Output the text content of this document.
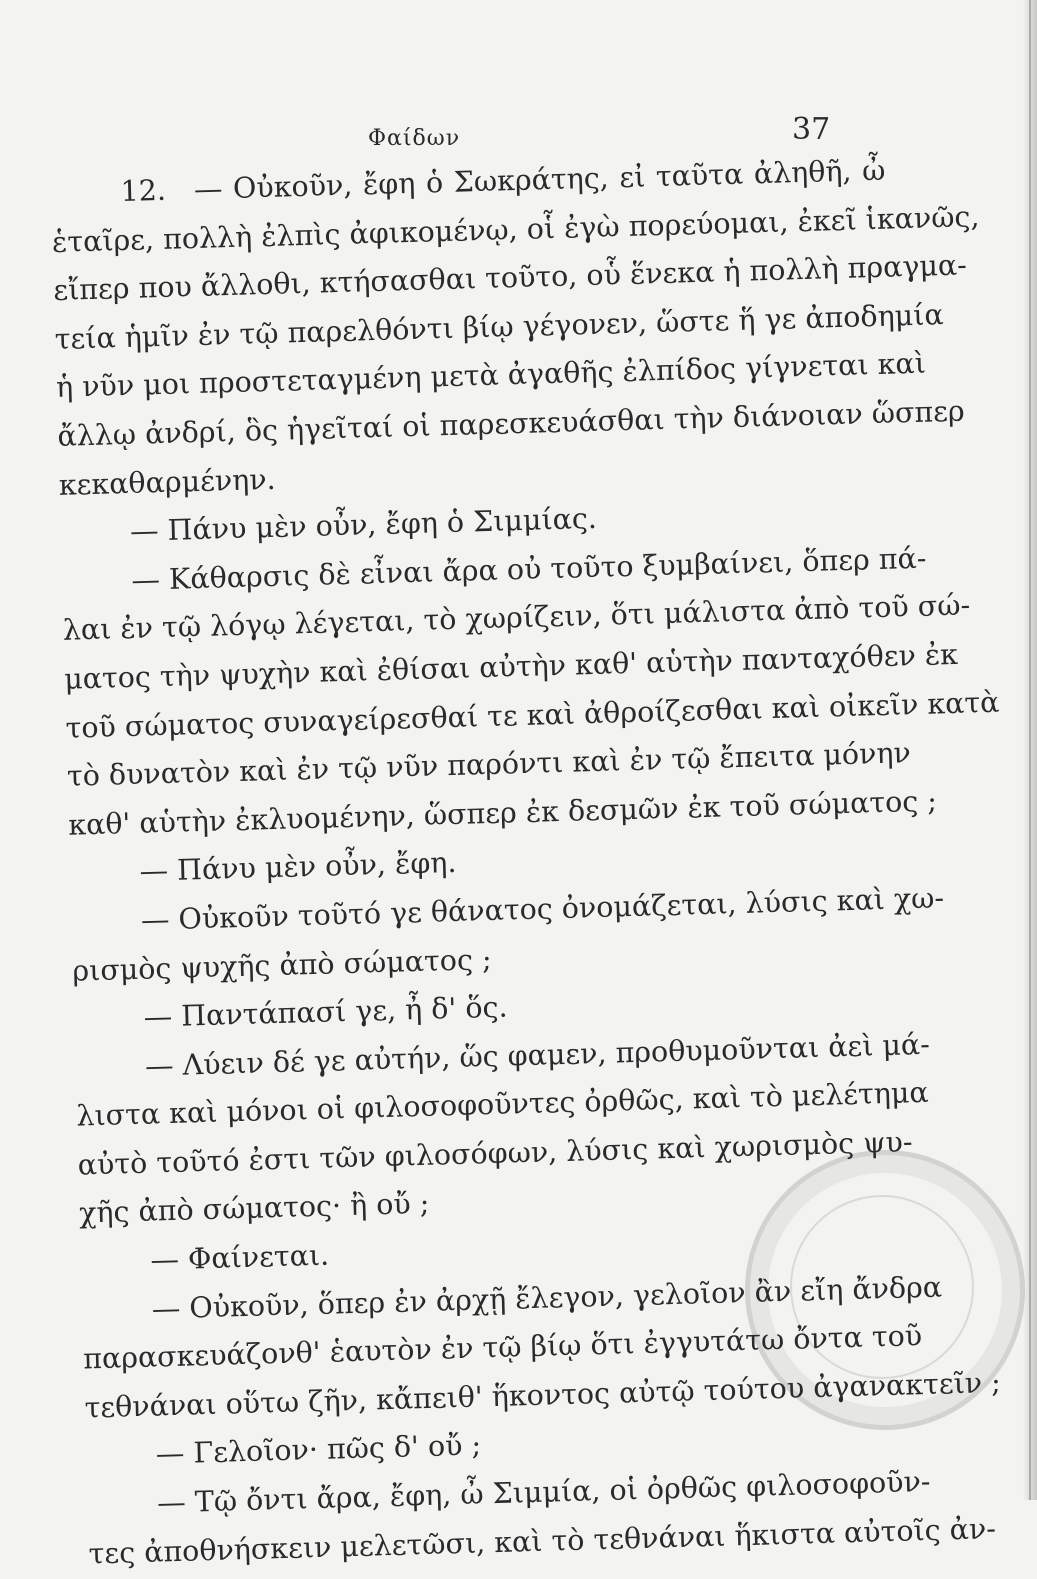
Φαίδων	37
12. — Οὐκοῦν, ἔφη ὁ Σωκράτης, εἰ ταῦτα ἀληθῆ, ὦ
ἑταῖρε, πολλὴ ἐλπὶς ἀφικομένῳ, οἷ ἐγὼ πορεύομαι, ἐκεῖ ἱκανῶς,
εἴπερ που ἄλλοθι, κτήσασθαι τοῦτο, οὗ ἕνεκα ἡ πολλὴ πραγμα-
τεία ἡμῖν ἐν τῷ παρελθόντι βίῳ γέγονεν, ὥστε ἥ γε ἀποδημία
ἡ νῦν μοι προστεταγμένη μετὰ ἀγαθῆς ἐλπίδος γίγνεται καὶ
ἄλλῳ ἀνδρί, ὃς ἡγεῖταί οἱ παρεσκευάσθαι τὴν διάνοιαν ὥσπερ
κεκαθαρμένην.
— Πάνυ μὲν οὖν, ἔφη ὁ Σιμμίας.
— Κάθαρσις δὲ εἶναι ἄρα οὐ τοῦτο ξυμβαίνει, ὅπερ πά-
λαι ἐν τῷ λόγῳ λέγεται, τὸ χωρίζειν, ὅτι μάλιστα ἀπὸ τοῦ σώ-
ματος τὴν ψυχὴν καὶ ἐθίσαι αὐτὴν καθ' αὑτὴν πανταχόθεν ἐκ
τοῦ σώματος συναγείρεσθαί τε καὶ ἀθροίζεσθαι καὶ οἰκεῖν κατὰ
τὸ δυνατὸν καὶ ἐν τῷ νῦν παρόντι καὶ ἐν τῷ ἔπειτα μόνην
καθ' αὑτὴν ἐκλυομένην, ὥσπερ ἐκ δεσμῶν ἐκ τοῦ σώματος ;
— Πάνυ μὲν οὖν, ἔφη.
— Οὐκοῦν τοῦτό γε θάνατος ὀνομάζεται, λύσις καὶ χω-
ρισμὸς ψυχῆς ἀπὸ σώματος ;
— Παντάπασί γε, ἦ δ' ὅς.
— Λύειν δέ γε αὐτήν, ὥς φαμεν, προθυμοῦνται ἀεὶ μά-
λιστα καὶ μόνοι οἱ φιλοσοφοῦντες ὀρθῶς, καὶ τὸ μελέτημα
αὐτὸ τοῦτό ἐστι τῶν φιλοσόφων, λύσις καὶ χωρισμὸς ψυ-
χῆς ἀπὸ σώματος· ἢ οὔ ;
— Φαίνεται.
— Οὐκοῦν, ὅπερ ἐν ἀρχῇ ἔλεγον, γελοῖον ἂν εἴη ἄνδρα
παρασκευάζονθ' ἑαυτὸν ἐν τῷ βίῳ ὅτι ἐγγυτάτω ὄντα τοῦ
τεθνάναι οὕτω ζῆν, κἄπειθ' ἥκοντος αὐτῷ τούτου ἀγανακτεῖν ;
— Γελοῖον· πῶς δ' οὔ ;
— Τῷ ὄντι ἄρα, ἔφη, ὦ Σιμμία, οἱ ὀρθῶς φιλοσοφοῦν-
τες ἀποθνήσκειν μελετῶσι, καὶ τὸ τεθνάναι ἥκιστα αὐτοῖς ἀν-
